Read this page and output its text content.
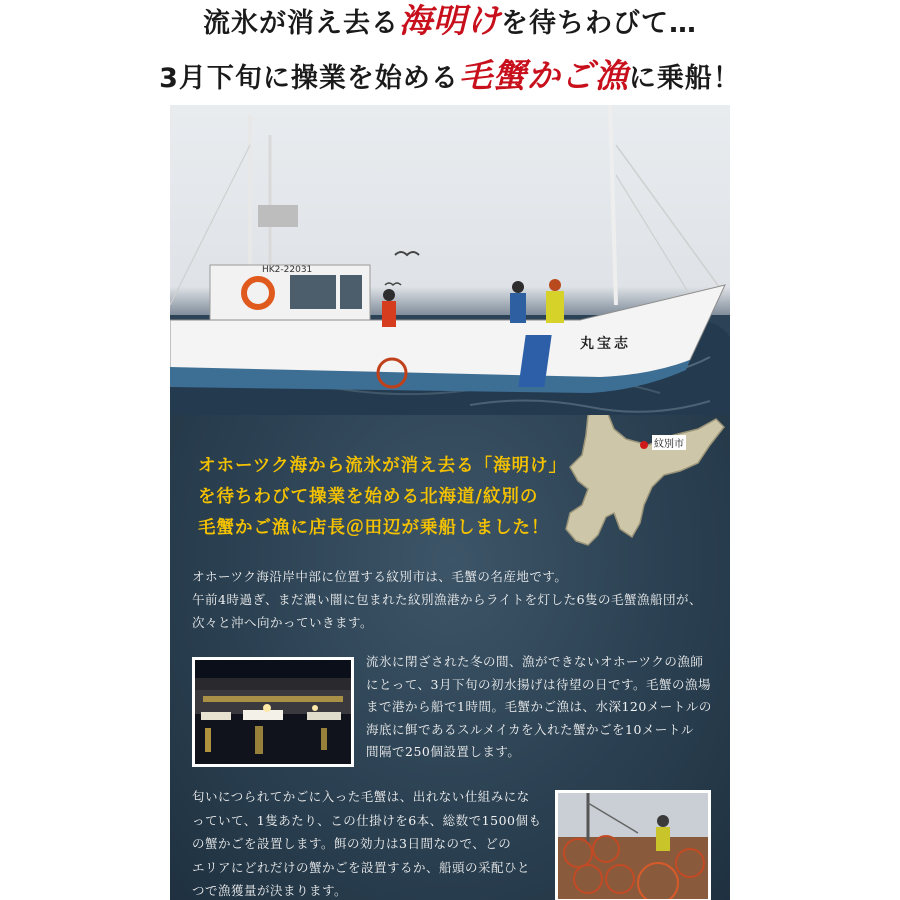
流氷が消え去る海明けを待ちわびて…
3月下旬に操業を始める毛蟹かご漁に乗船！
HK2-22031
丸宝志
紋別市
オホーツク海から流氷が消え去る「海明け」
を待ちわびて操業を始める北海道/紋別の
毛蟹かご漁に店長＠田辺が乗船しました！
オホーツク海沿岸中部に位置する紋別市は、毛蟹の名産地です。
午前4時過ぎ、まだ濃い闇に包まれた紋別漁港からライトを灯した6隻の毛蟹漁船団が、
次々と沖へ向かっていきます。
流氷に閉ざされた冬の間、漁ができないオホーツクの漁師
にとって、3月下旬の初水揚げは待望の日です。毛蟹の漁場
まで港から船で1時間。毛蟹かご漁は、水深120メートルの
海底に餌であるスルメイカを入れた蟹かごを10メートル
間隔で250個設置します。
匂いにつられてかごに入った毛蟹は、出れない仕組みにな
っていて、1隻あたり、この仕掛けを6本、総数で1500個も
の蟹かごを設置します。餌の効力は3日間なので、どの
エリアにどれだけの蟹かごを設置するか、船頭の采配ひと
つで漁獲量が決まります。
